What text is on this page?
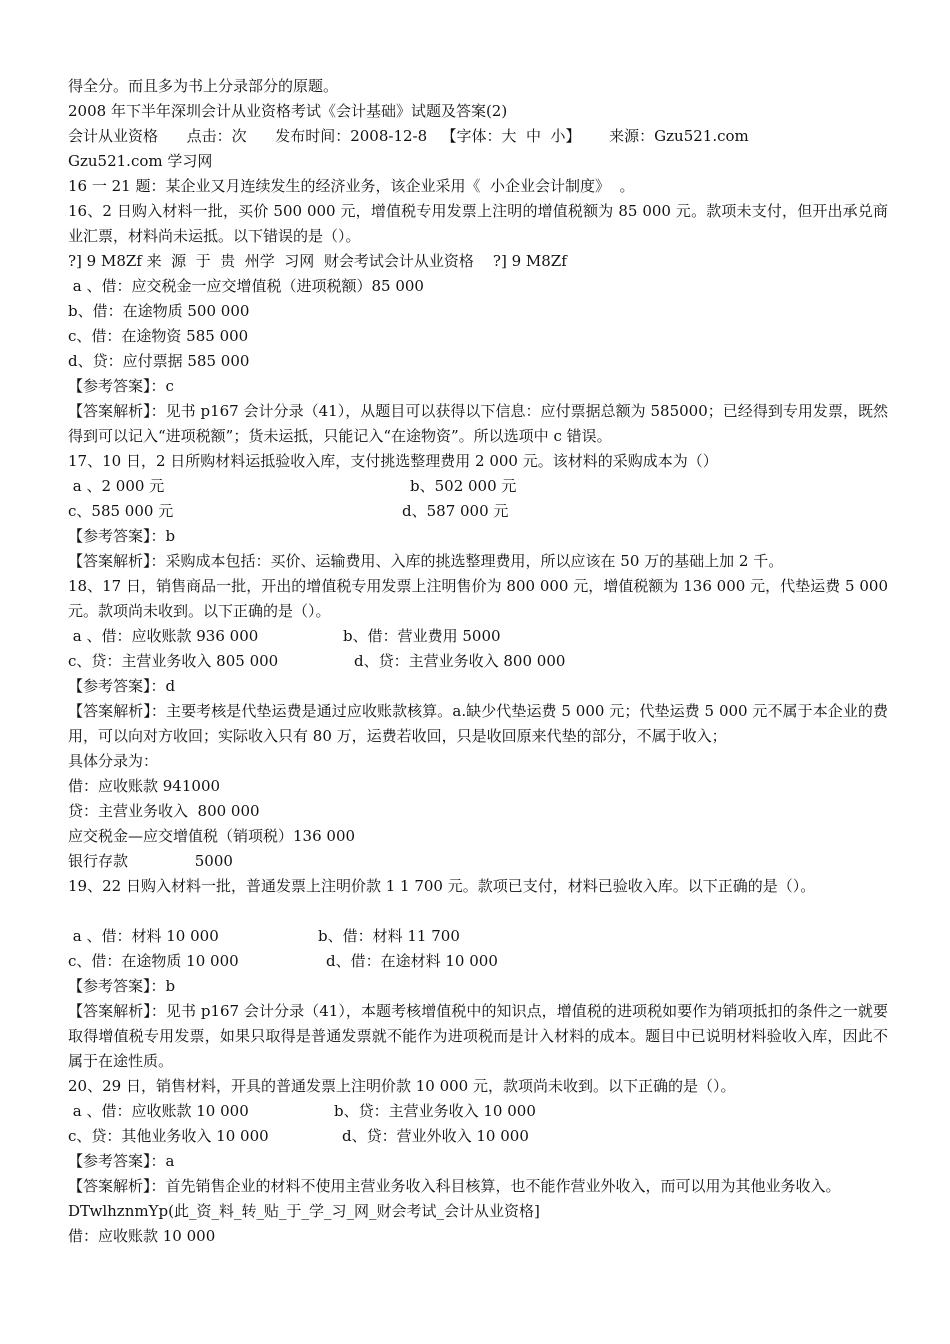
得全分。而且多为书上分录部分的原题。
2008 年下半年深圳会计从业资格考试《会计基础》试题及答案(2)
会计从业资格      点击：次      发布时间：2008-12-8   【字体：大  中  小】      来源：Gzu521.com
Gzu521.com 学习网
16 一 21 题：某企业又月连续发生的经济业务，该企业采用《  小企业会计制度》  。
16、2 日购入材料一批，买价 500 000 元，增值税专用发票上注明的增值税额为 85 000 元。款项未支付，但开出承兑商业汇票，材料尚未运抵。以下错误的是（）。
?] 9 M8Zf 来  源  于  贵  州学  习网  财会考试会计从业资格    ?] 9 M8Zf
a 、借：应交税金一应交增值税（进项税额）85 000
b、借：在途物质 500 000
c、借：在途物资 585 000
d、贷：应付票据 585 000
【参考答案】：c
【答案解析】：见书 p167 会计分录（41），从题目可以获得以下信息：应付票据总额为 585000；已经得到专用发票，既然得到可以记入“进项税额”；货未运抵，只能记入“在途物资”。所以选项中 c 错误。
17、10 日，2 日所购材料运抵验收入库，支付挑选整理费用 2 000 元。该材料的采购成本为（）
a 、2 000 元	b、502 000 元
c、585 000 元	d、587 000 元
【参考答案】：b
【答案解析】：采购成本包括：买价、运输费用、入库的挑选整理费用，所以应该在 50 万的基础上加 2 千。
18、17 日，销售商品一批，开出的增值税专用发票上注明售价为 800 000 元，增值税额为 136 000 元，代垫运费 5 000 元。款项尚未收到。以下正确的是（）。
a 、借：应收账款 936 000	b、借：营业费用 5000
c、贷：主营业务收入 805 000	d、贷：主营业务收入 800 000
【参考答案】：d
【答案解析】：主要考核是代垫运费是通过应收账款核算。a.缺少代垫运费 5 000 元；代垫运费 5 000 元不属于本企业的费用，可以向对方收回；实际收入只有 80 万，运费若收回，只是收回原来代垫的部分，不属于收入；
具体分录为：
借：应收账款 941000
贷：主营业务收入  800 000
应交税金—应交增值税（销项税）136 000
银行存款              5000
19、22 日购入材料一批，普通发票上注明价款 1 1 700 元。款项已支付，材料已验收入库。以下正确的是（）。
a 、借：材料 10 000	b、借：材料 11 700
c、借：在途物质 10 000	d、借：在途材料 10 000
【参考答案】：b
【答案解析】：见书 p167 会计分录（41），本题考核增值税中的知识点，增值税的进项税如要作为销项抵扣的条件之一就要取得增值税专用发票，如果只取得是普通发票就不能作为进项税而是计入材料的成本。题目中已说明材料验收入库，因此不属于在途性质。
20、29 日，销售材料，开具的普通发票上注明价款 10 000 元，款项尚未收到。以下正确的是（）。
a 、借：应收账款 10 000	b、贷：主营业务收入 10 000
c、贷：其他业务收入 10 000	d、贷：营业外收入 10 000
【参考答案】：a
【答案解析】：首先销售企业的材料不使用主营业务收入科目核算，也不能作营业外收入，而可以用为其他业务收入。
DTwlhznmYp(此_资_料_转_贴_于_学_习_网_财会考试_会计从业资格]
借：应收账款 10 000
